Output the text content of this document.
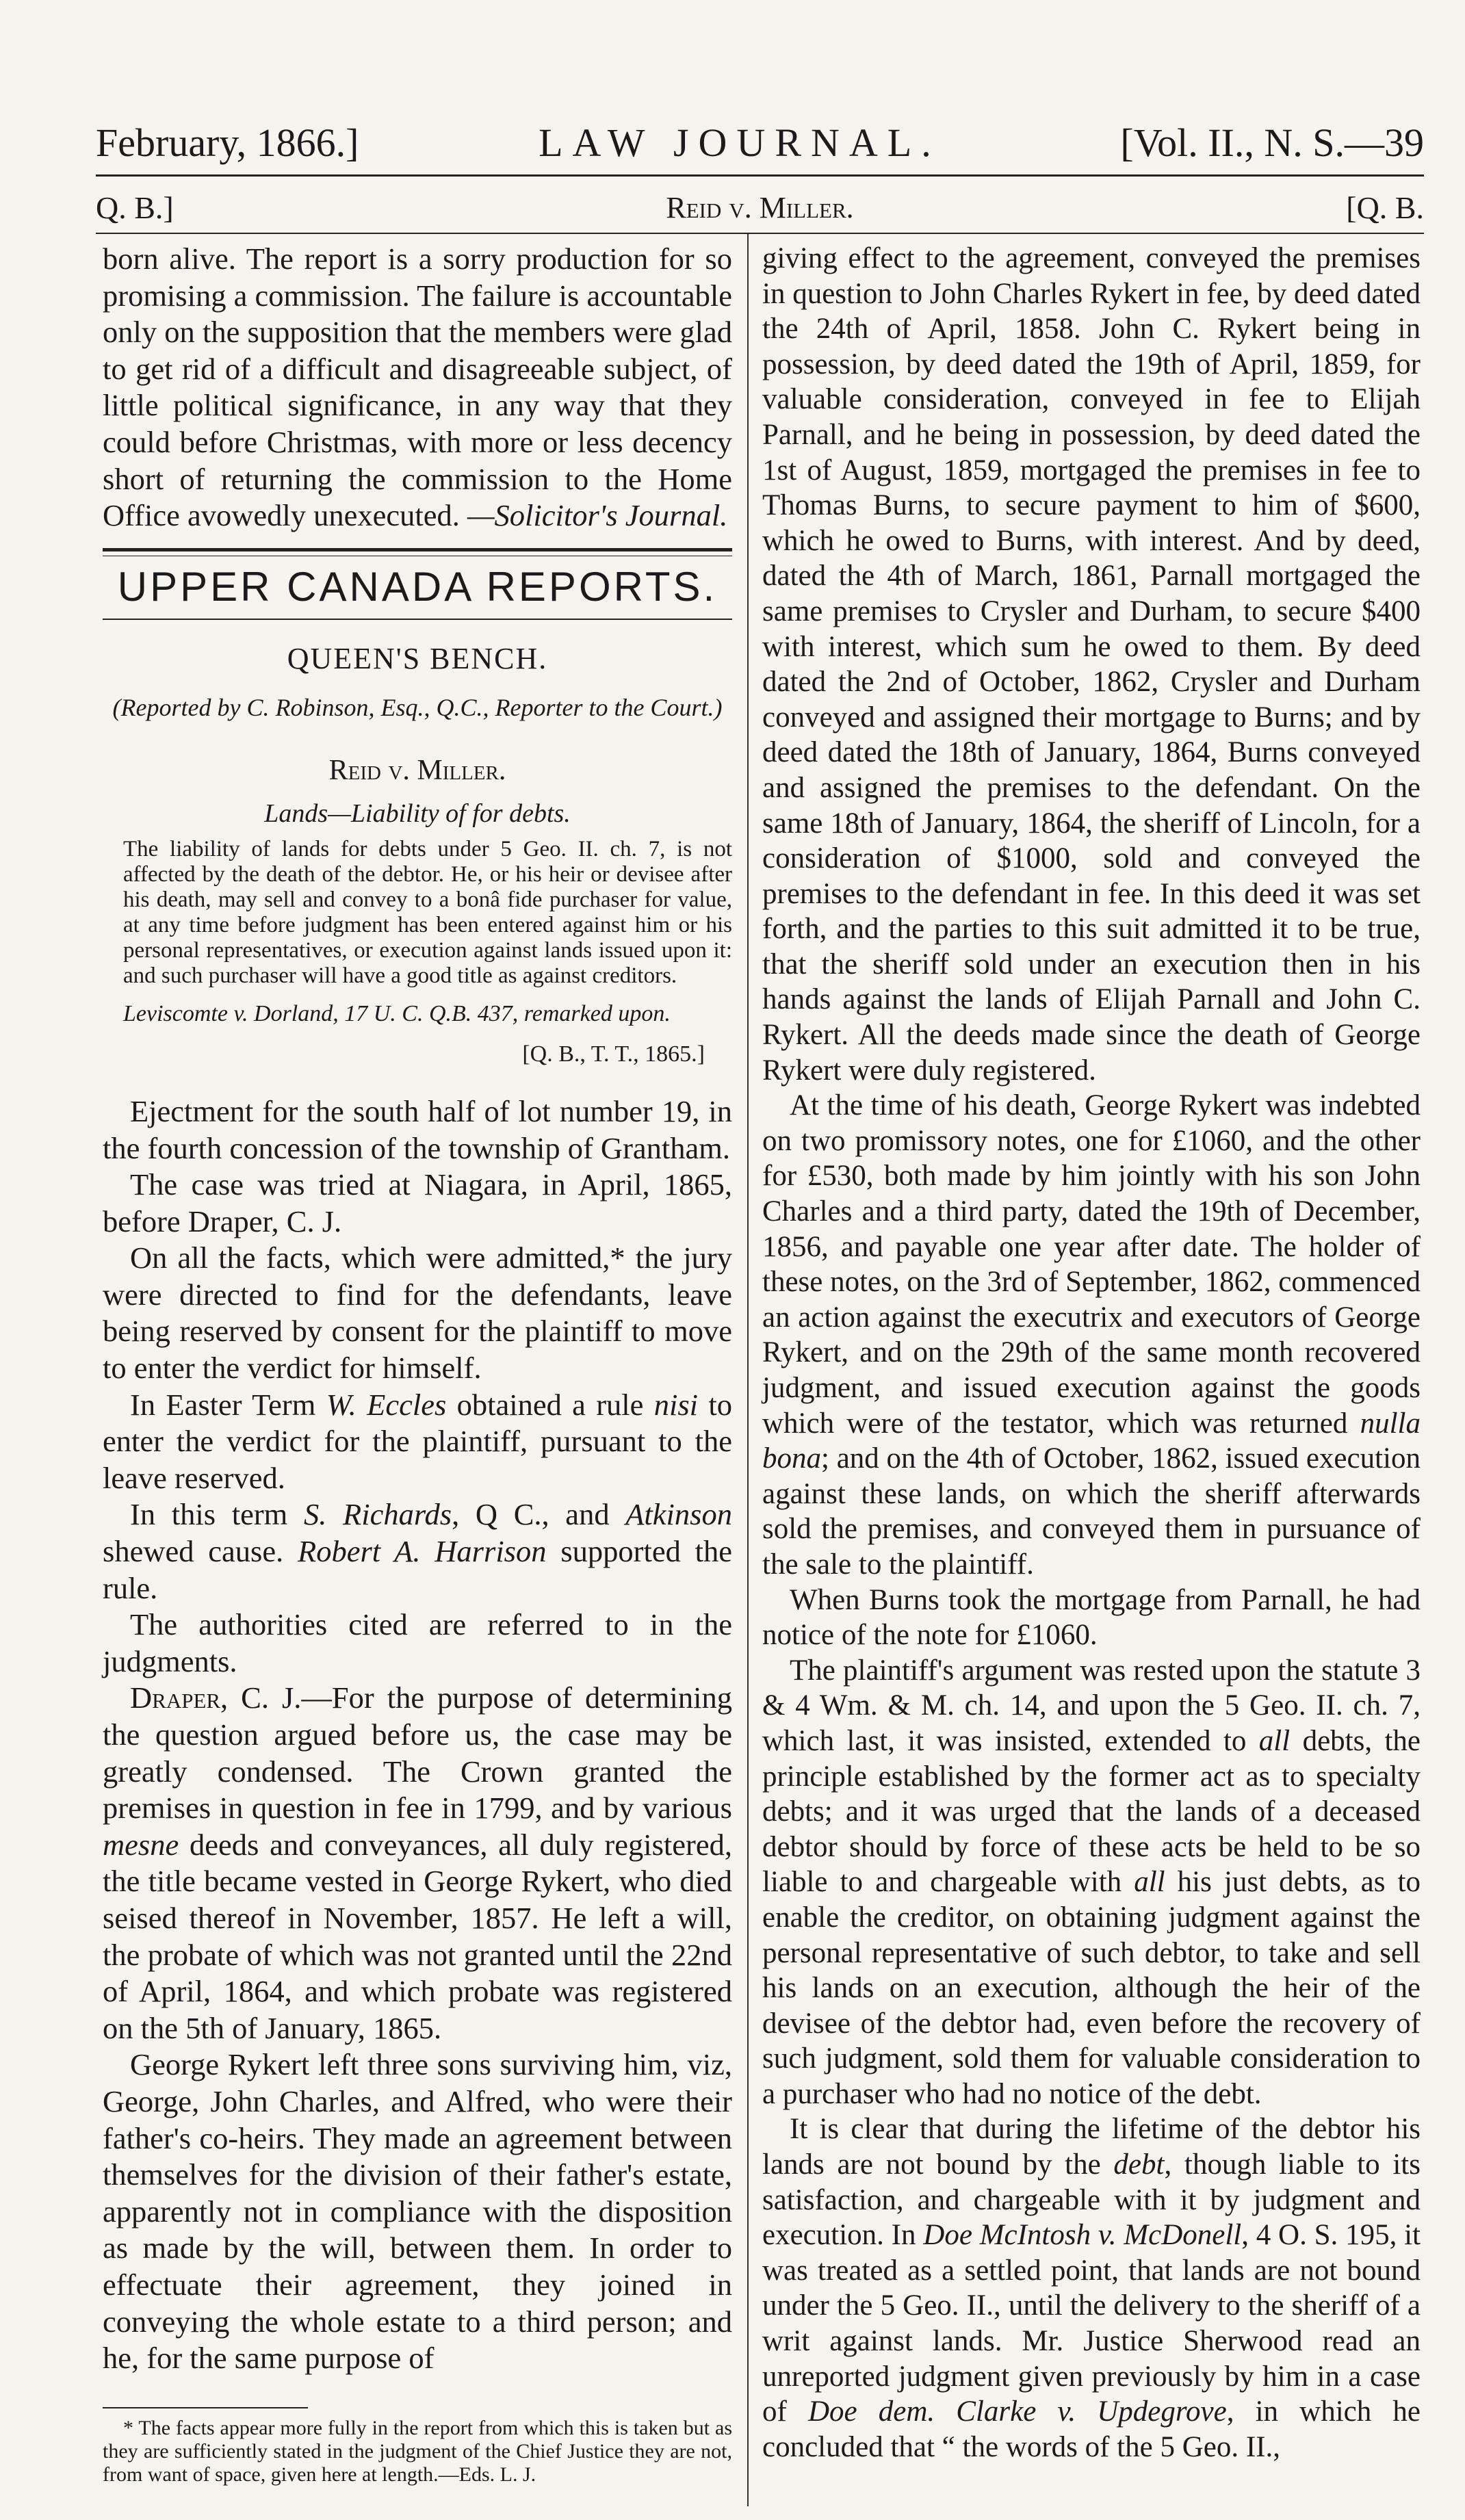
February, 1866.]	LAW JOURNAL.	[Vol. II., N. S.—39
Q. B.]	Reid v. Miller.	[Q. B.

born alive. The report is a sorry production for so promising a commission. The failure is accountable only on the supposition that the members were glad to get rid of a difficult and disagreeable subject, of little political significance, in any way that they could before Christmas, with more or less decency short of returning the commission to the Home Office avowedly unexecuted. —Solicitor's Journal.

UPPER CANADA REPORTS.
QUEEN'S BENCH.
(Reported by C. Robinson, Esq., Q.C., Reporter to the Court.)
Reid v. Miller.
Lands—Liability of for debts.

The liability of lands for debts under 5 Geo. II. ch. 7, is not affected by the death of the debtor. He, or his heir or devisee after his death, may sell and convey to a bonâ fide purchaser for value, at any time before judgment has been entered against him or his personal representatives, or execution against lands issued upon it: and such purchaser will have a good title as against creditors.

Leviscomte v. Dorland, 17 U. C. Q.B. 437, remarked upon.

[Q. B., T. T., 1865.]

Ejectment for the south half of lot number 19, in the fourth concession of the township of Grantham.

The case was tried at Niagara, in April, 1865, before Draper, C. J.

On all the facts, which were admitted,* the jury were directed to find for the defendants, leave being reserved by consent for the plaintiff to move to enter the verdict for himself.

In Easter Term W. Eccles obtained a rule nisi to enter the verdict for the plaintiff, pursuant to the leave reserved.

In this term S. Richards, Q C., and Atkinson shewed cause. Robert A. Harrison supported the rule.

The authorities cited are referred to in the judgments.

Draper, C. J.—For the purpose of determining the question argued before us, the case may be greatly condensed. The Crown granted the premises in question in fee in 1799, and by various mesne deeds and conveyances, all duly registered, the title became vested in George Rykert, who died seised thereof in November, 1857. He left a will, the probate of which was not granted until the 22nd of April, 1864, and which probate was registered on the 5th of January, 1865.

George Rykert left three sons surviving him, viz, George, John Charles, and Alfred, who were their father's co-heirs. They made an agreement between themselves for the division of their father's estate, apparently not in compliance with the disposition as made by the will, between them. In order to effectuate their agreement, they joined in conveying the whole estate to a third person; and he, for the same purpose of

* The facts appear more fully in the report from which this is taken but as they are sufficiently stated in the judgment of the Chief Justice they are not, from want of space, given here at length.—Eds. L. J.

giving effect to the agreement, conveyed the premises in question to John Charles Rykert in fee, by deed dated the 24th of April, 1858. John C. Rykert being in possession, by deed dated the 19th of April, 1859, for valuable consideration, conveyed in fee to Elijah Parnall, and he being in possession, by deed dated the 1st of August, 1859, mortgaged the premises in fee to Thomas Burns, to secure payment to him of $600, which he owed to Burns, with interest. And by deed, dated the 4th of March, 1861, Parnall mortgaged the same premises to Crysler and Durham, to secure $400 with interest, which sum he owed to them. By deed dated the 2nd of October, 1862, Crysler and Durham conveyed and assigned their mortgage to Burns; and by deed dated the 18th of January, 1864, Burns conveyed and assigned the premises to the defendant. On the same 18th of January, 1864, the sheriff of Lincoln, for a consideration of $1000, sold and conveyed the premises to the defendant in fee. In this deed it was set forth, and the parties to this suit admitted it to be true, that the sheriff sold under an execution then in his hands against the lands of Elijah Parnall and John C. Rykert. All the deeds made since the death of George Rykert were duly registered.

At the time of his death, George Rykert was indebted on two promissory notes, one for £1060, and the other for £530, both made by him jointly with his son John Charles and a third party, dated the 19th of December, 1856, and payable one year after date. The holder of these notes, on the 3rd of September, 1862, commenced an action against the executrix and executors of George Rykert, and on the 29th of the same month recovered judgment, and issued execution against the goods which were of the testator, which was returned nulla bona; and on the 4th of October, 1862, issued execution against these lands, on which the sheriff afterwards sold the premises, and conveyed them in pursuance of the sale to the plaintiff.

When Burns took the mortgage from Parnall, he had notice of the note for £1060.

The plaintiff's argument was rested upon the statute 3 & 4 Wm. & M. ch. 14, and upon the 5 Geo. II. ch. 7, which last, it was insisted, extended to all debts, the principle established by the former act as to specialty debts; and it was urged that the lands of a deceased debtor should by force of these acts be held to be so liable to and chargeable with all his just debts, as to enable the creditor, on obtaining judgment against the personal representative of such debtor, to take and sell his lands on an execution, although the heir of the devisee of the debtor had, even before the recovery of such judgment, sold them for valuable consideration to a purchaser who had no notice of the debt.

It is clear that during the lifetime of the debtor his lands are not bound by the debt, though liable to its satisfaction, and chargeable with it by judgment and execution. In Doe McIntosh v. McDonell, 4 O. S. 195, it was treated as a settled point, that lands are not bound under the 5 Geo. II., until the delivery to the sheriff of a writ against lands. Mr. Justice Sherwood read an unreported judgment given previously by him in a case of Doe dem. Clarke v. Updegrove, in which he concluded that “ the words of the 5 Geo. II.,
